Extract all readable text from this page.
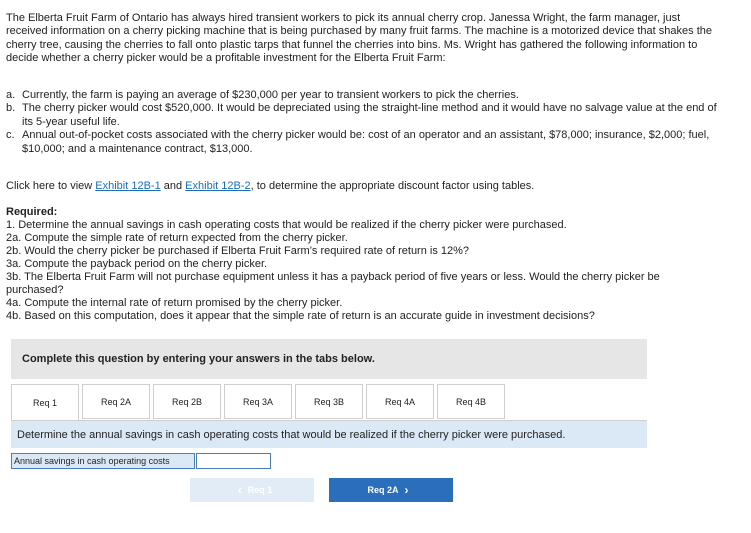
The Elberta Fruit Farm of Ontario has always hired transient workers to pick its annual cherry crop. Janessa Wright, the farm manager, just received information on a cherry picking machine that is being purchased by many fruit farms. The machine is a motorized device that shakes the cherry tree, causing the cherries to fall onto plastic tarps that funnel the cherries into bins. Ms. Wright has gathered the following information to decide whether a cherry picker would be a profitable investment for the Elberta Fruit Farm:
a. Currently, the farm is paying an average of $230,000 per year to transient workers to pick the cherries.
b. The cherry picker would cost $520,000. It would be depreciated using the straight-line method and it would have no salvage value at the end of its 5-year useful life.
c. Annual out-of-pocket costs associated with the cherry picker would be: cost of an operator and an assistant, $78,000; insurance, $2,000; fuel, $10,000; and a maintenance contract, $13,000.
Click here to view Exhibit 12B-1 and Exhibit 12B-2, to determine the appropriate discount factor using tables.
Required:
1. Determine the annual savings in cash operating costs that would be realized if the cherry picker were purchased.
2a. Compute the simple rate of return expected from the cherry picker.
2b. Would the cherry picker be purchased if Elberta Fruit Farm’s required rate of return is 12%?
3a. Compute the payback period on the cherry picker.
3b. The Elberta Fruit Farm will not purchase equipment unless it has a payback period of five years or less. Would the cherry picker be purchased?
4a. Compute the internal rate of return promised by the cherry picker.
4b. Based on this computation, does it appear that the simple rate of return is an accurate guide in investment decisions?
Complete this question by entering your answers in the tabs below.
Req 1	Req 2A	Req 2B	Req 3A	Req 3B	Req 4A	Req 4B
Determine the annual savings in cash operating costs that would be realized if the cherry picker were purchased.
Annual savings in cash operating costs
‹ Req 1	Req 2A ›
